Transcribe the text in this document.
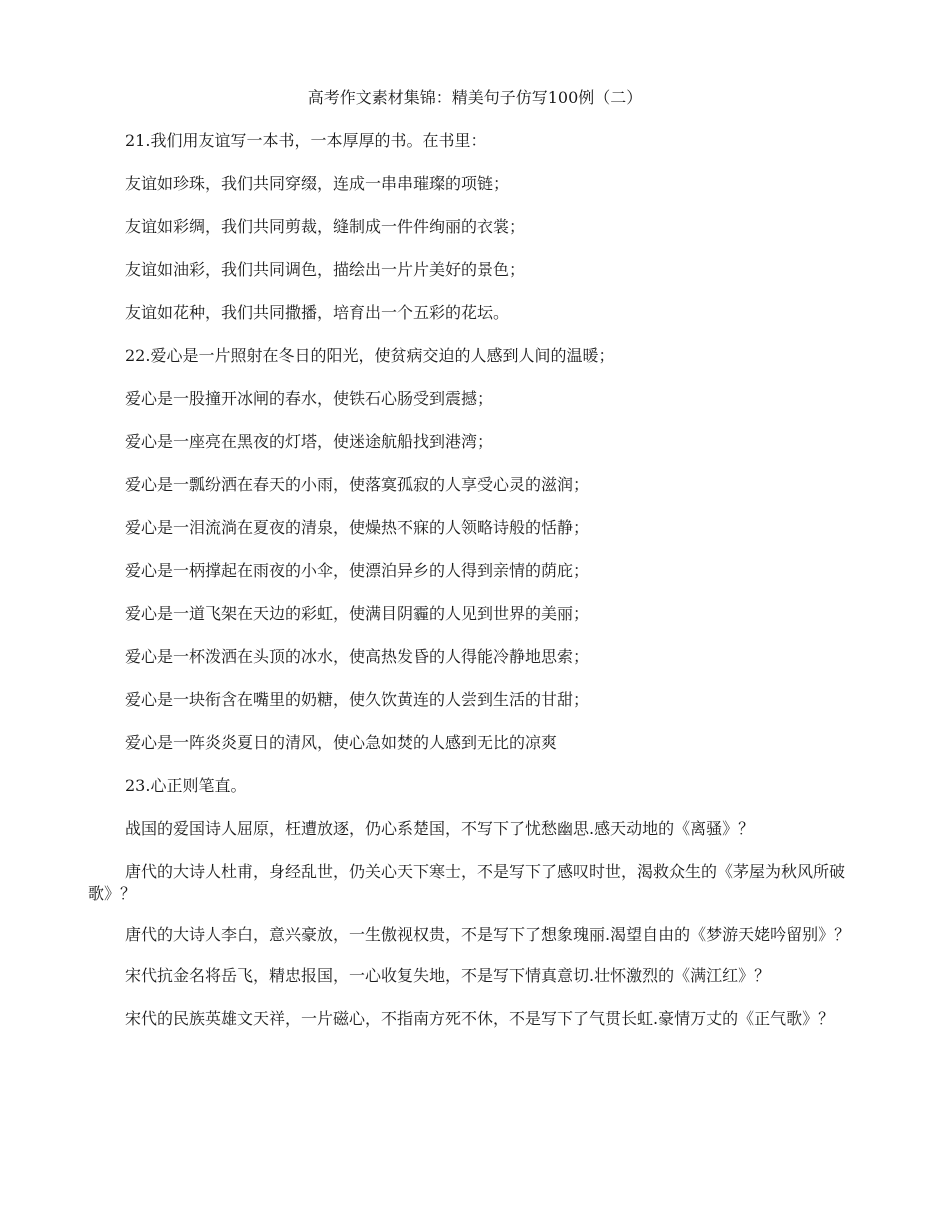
高考作文素材集锦：精美句子仿写100例（二）

21.我们用友谊写一本书，一本厚厚的书。在书里：

友谊如珍珠，我们共同穿缀，连成一串串璀璨的项链；

友谊如彩绸，我们共同剪裁，缝制成一件件绚丽的衣裳；

友谊如油彩，我们共同调色，描绘出一片片美好的景色；

友谊如花种，我们共同撒播，培育出一个五彩的花坛。

22.爱心是一片照射在冬日的阳光，使贫病交迫的人感到人间的温暖；

爱心是一股撞开冰闸的春水，使铁石心肠受到震撼；

爱心是一座亮在黑夜的灯塔，使迷途航船找到港湾；

爱心是一瓢纷洒在春天的小雨，使落寞孤寂的人享受心灵的滋润；

爱心是一泪流淌在夏夜的清泉，使燥热不寐的人领略诗般的恬静；

爱心是一柄撑起在雨夜的小伞，使漂泊异乡的人得到亲情的荫庇；

爱心是一道飞架在天边的彩虹，使满目阴霾的人见到世界的美丽；

爱心是一杯泼洒在头顶的冰水，使高热发昏的人得能冷静地思索；

爱心是一块衔含在嘴里的奶糖，使久饮黄连的人尝到生活的甘甜；

爱心是一阵炎炎夏日的清风，使心急如焚的人感到无比的凉爽

23.心正则笔直。

战国的爱国诗人屈原，枉遭放逐，仍心系楚国，不写下了忧愁幽思.感天动地的《离骚》？

唐代的大诗人杜甫，身经乱世，仍关心天下寒士，不是写下了感叹时世，渴救众生的《茅屋为秋风所破歌》？

唐代的大诗人李白，意兴豪放，一生傲视权贵，不是写下了想象瑰丽.渴望自由的《梦游天姥吟留别》？

宋代抗金名将岳飞，精忠报国，一心收复失地，不是写下情真意切.壮怀激烈的《满江红》？

宋代的民族英雄文天祥，一片磁心，不指南方死不休，不是写下了气贯长虹.豪情万丈的《正气歌》？
